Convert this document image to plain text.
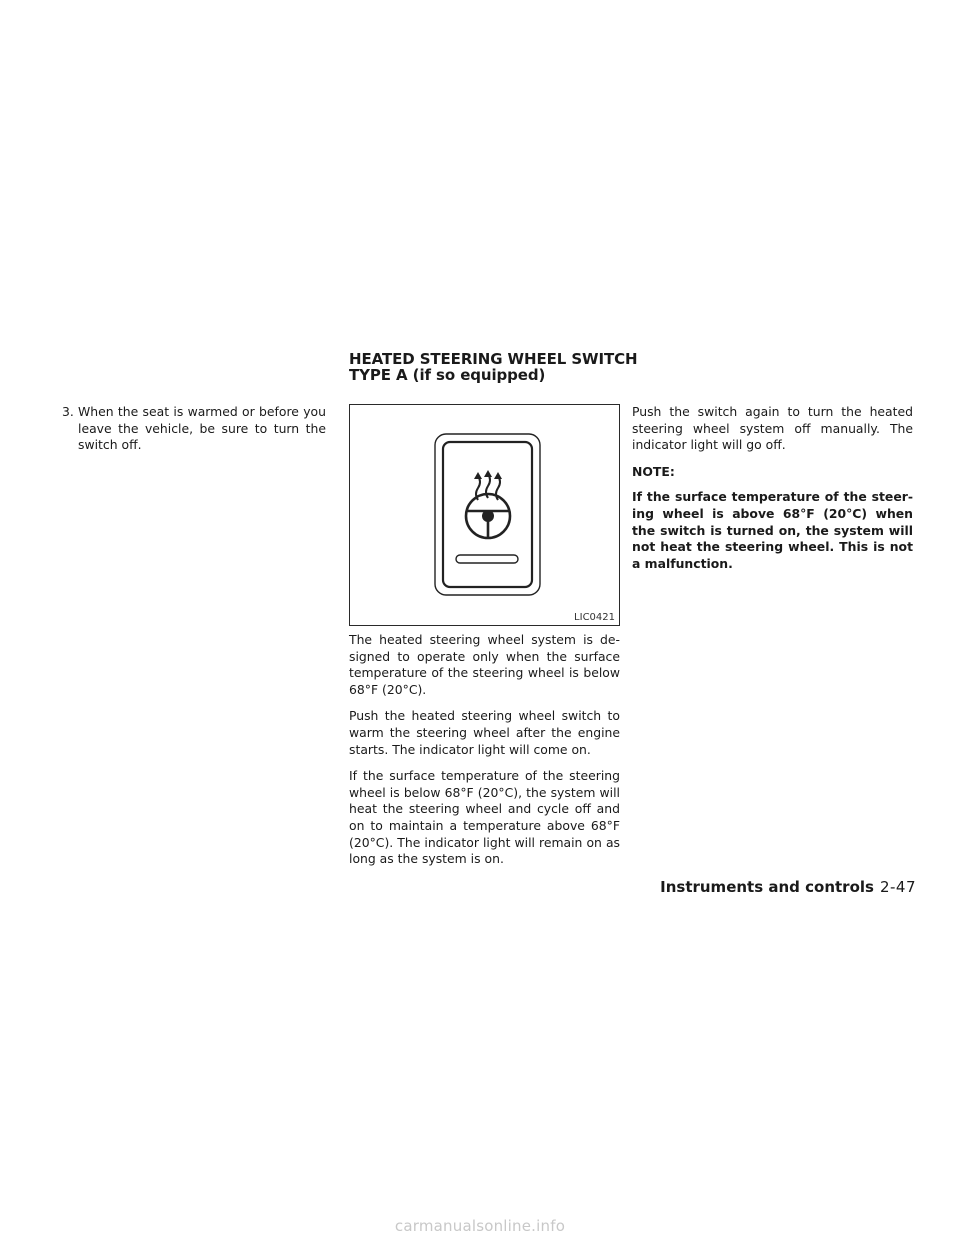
HEATED STEERING WHEEL SWITCH
TYPE A (if so equipped)
3. When the seat is warmed or before you leave the vehicle, be sure to turn the switch off.
LIC0421

The heated steering wheel system is de- signed to operate only when the surface temperature of the steering wheel is below 68°F (20°C).

Push the heated steering wheel switch to warm the steering wheel after the engine starts. The indicator light will come on.

If the surface temperature of the steering wheel is below 68°F (20°C), the system will heat the steering wheel and cycle off and on to maintain a temperature above 68°F (20°C). The indicator light will remain on as long as the system is on.

Push the switch again to turn the heated steering wheel system off manually. The indicator light will go off.

NOTE:

If the surface temperature of the steer- ing wheel is above 68°F (20°C) when the switch is turned on, the system will not heat the steering wheel. This is not a malfunction.

Instruments and controls 2-47
carmanualsonline.info
